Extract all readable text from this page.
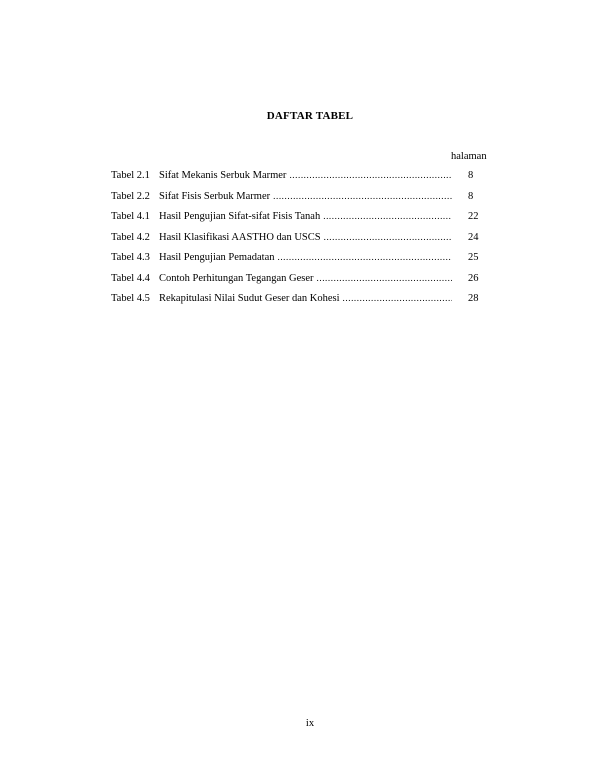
DAFTAR TABEL
halaman
Tabel 2.1 Sifat Mekanis Serbuk Marmer .....	8
Tabel 2.2 Sifat Fisis Serbuk Marmer .....	8
Tabel 4.1 Hasil Pengujian Sifat-sifat Fisis Tanah .....	22
Tabel 4.2 Hasil Klasifikasi AASTHO dan USCS .....	24
Tabel 4.3 Hasil Pengujian Pemadatan .....	25
Tabel 4.4 Contoh Perhitungan Tegangan Geser .....	26
Tabel 4.5 Rekapitulasi Nilai Sudut Geser dan Kohesi .....	28
ix
